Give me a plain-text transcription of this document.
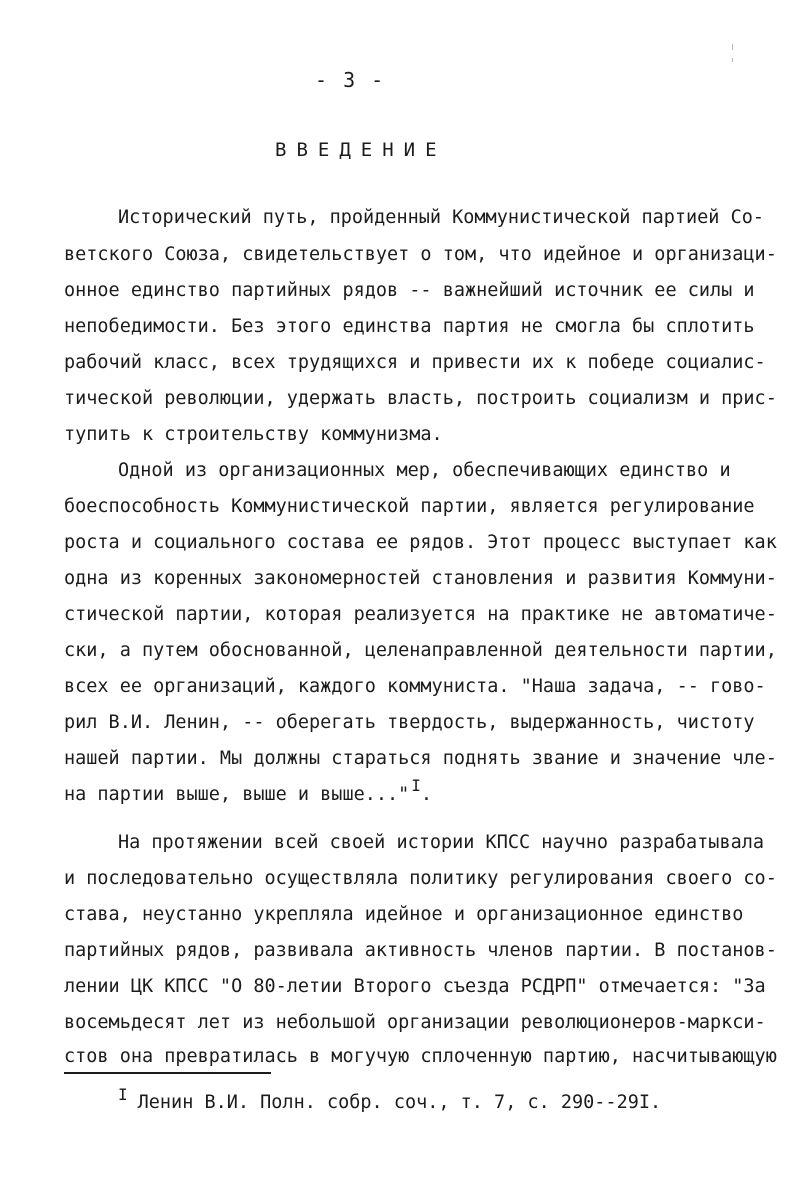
- 3 -
ВВЕДЕНИЕ
Исторический путь, пройденный Коммунистической партией Со-
ветского Союза, свидетельствует о том, что идейное и организаци-
онное единство партийных рядов -- важнейший источник ее силы и
непобедимости. Без этого единства партия не смогла бы сплотить
рабочий класс, всех трудящихся и привести их к победе социалис-
тической революции, удержать власть, построить социализм и прис-
тупить к строительству коммунизма.
Одной из организационных мер, обеспечивающих единство и
боеспособность Коммунистической партии, является регулирование
роста и социального состава ее рядов. Этот процесс выступает как
одна из коренных закономерностей становления и развития Коммуни-
стической партии, которая реализуется на практике не автоматиче-
ски, а путем обоснованной, целенаправленной деятельности партии,
всех ее организаций, каждого коммуниста. "Наша задача, -- гово-
рил В.И. Ленин, -- оберегать твердость, выдержанность, чистоту
нашей партии. Мы должны стараться поднять звание и значение чле-
на партии выше, выше и выше..." I.
На протяжении всей своей истории КПСС научно разрабатывала
и последовательно осуществляла политику регулирования своего со-
става, неустанно укрепляла идейное и организационное единство
партийных рядов, развивала активность членов партии. В постанов-
лении ЦК КПСС "О 80-летии Второго съезда РСДРП" отмечается: "За
восемьдесят лет из небольшой организации революционеров-маркси-
стов она превратилась в могучую сплоченную партию, насчитывающую
I Ленин В.И. Полн. собр. соч., т. 7, с. 290--29I.
